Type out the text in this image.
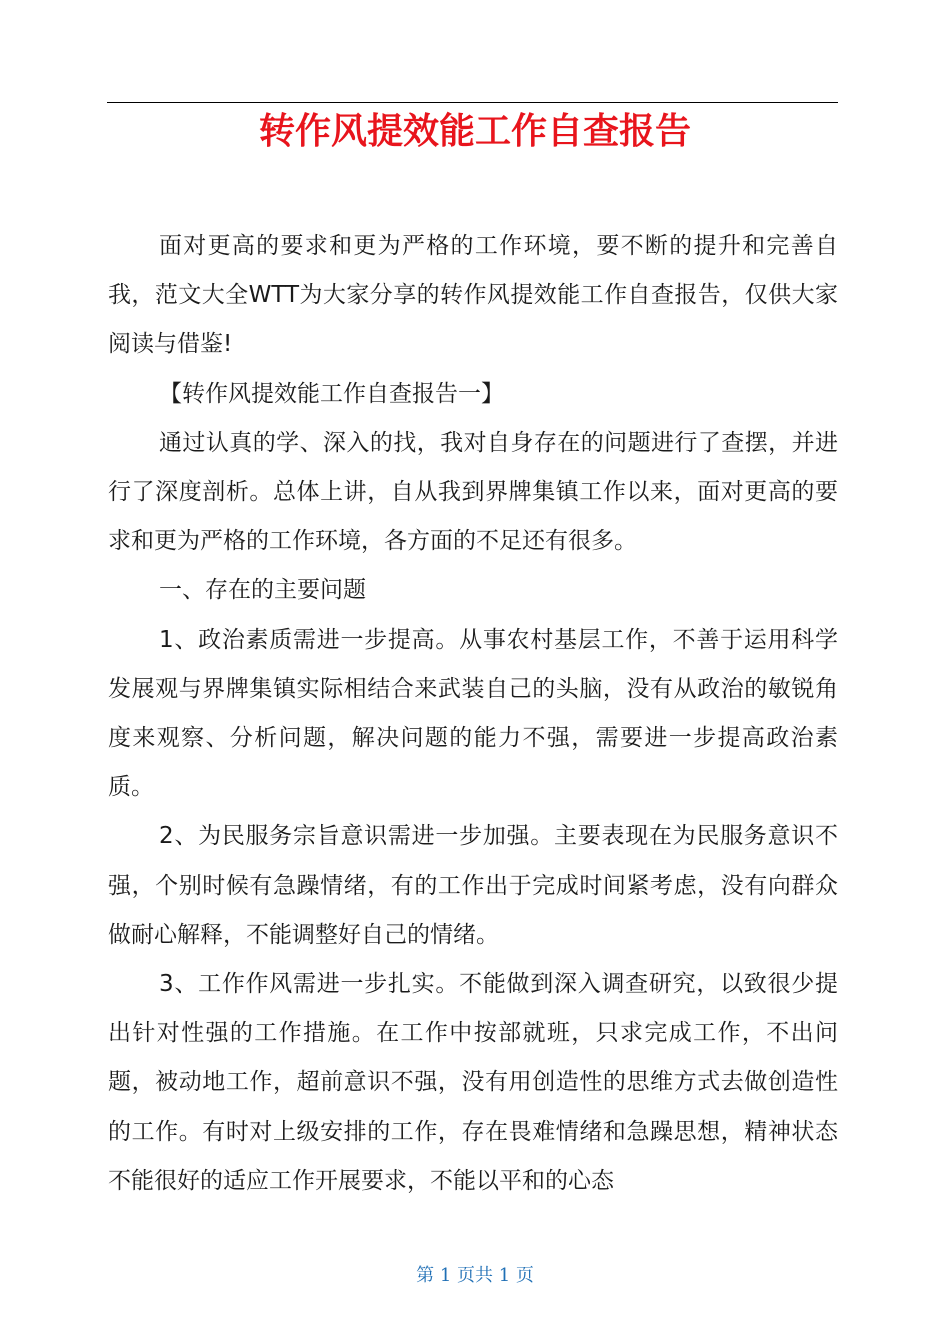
转作风提效能工作自查报告

面对更高的要求和更为严格的工作环境，要不断的提升和完善自我，范文大全WTT为大家分享的转作风提效能工作自查报告，仅供大家阅读与借鉴!

【转作风提效能工作自查报告一】

通过认真的学、深入的找，我对自身存在的问题进行了查摆，并进行了深度剖析。总体上讲，自从我到界牌集镇工作以来，面对更高的要求和更为严格的工作环境，各方面的不足还有很多。

一、存在的主要问题

1、政治素质需进一步提高。从事农村基层工作，不善于运用科学发展观与界牌集镇实际相结合来武装自己的头脑，没有从政治的敏锐角度来观察、分析问题，解决问题的能力不强，需要进一步提高政治素质。

2、为民服务宗旨意识需进一步加强。主要表现在为民服务意识不强，个别时候有急躁情绪，有的工作出于完成时间紧考虑，没有向群众做耐心解释，不能调整好自己的情绪。

3、工作作风需进一步扎实。不能做到深入调查研究，以致很少提出针对性强的工作措施。在工作中按部就班，只求完成工作，不出问题，被动地工作，超前意识不强，没有用创造性的思维方式去做创造性的工作。有时对上级安排的工作，存在畏难情绪和急躁思想，精神状态不能很好的适应工作开展要求，不能以平和的心态

第 1 页共 1 页
